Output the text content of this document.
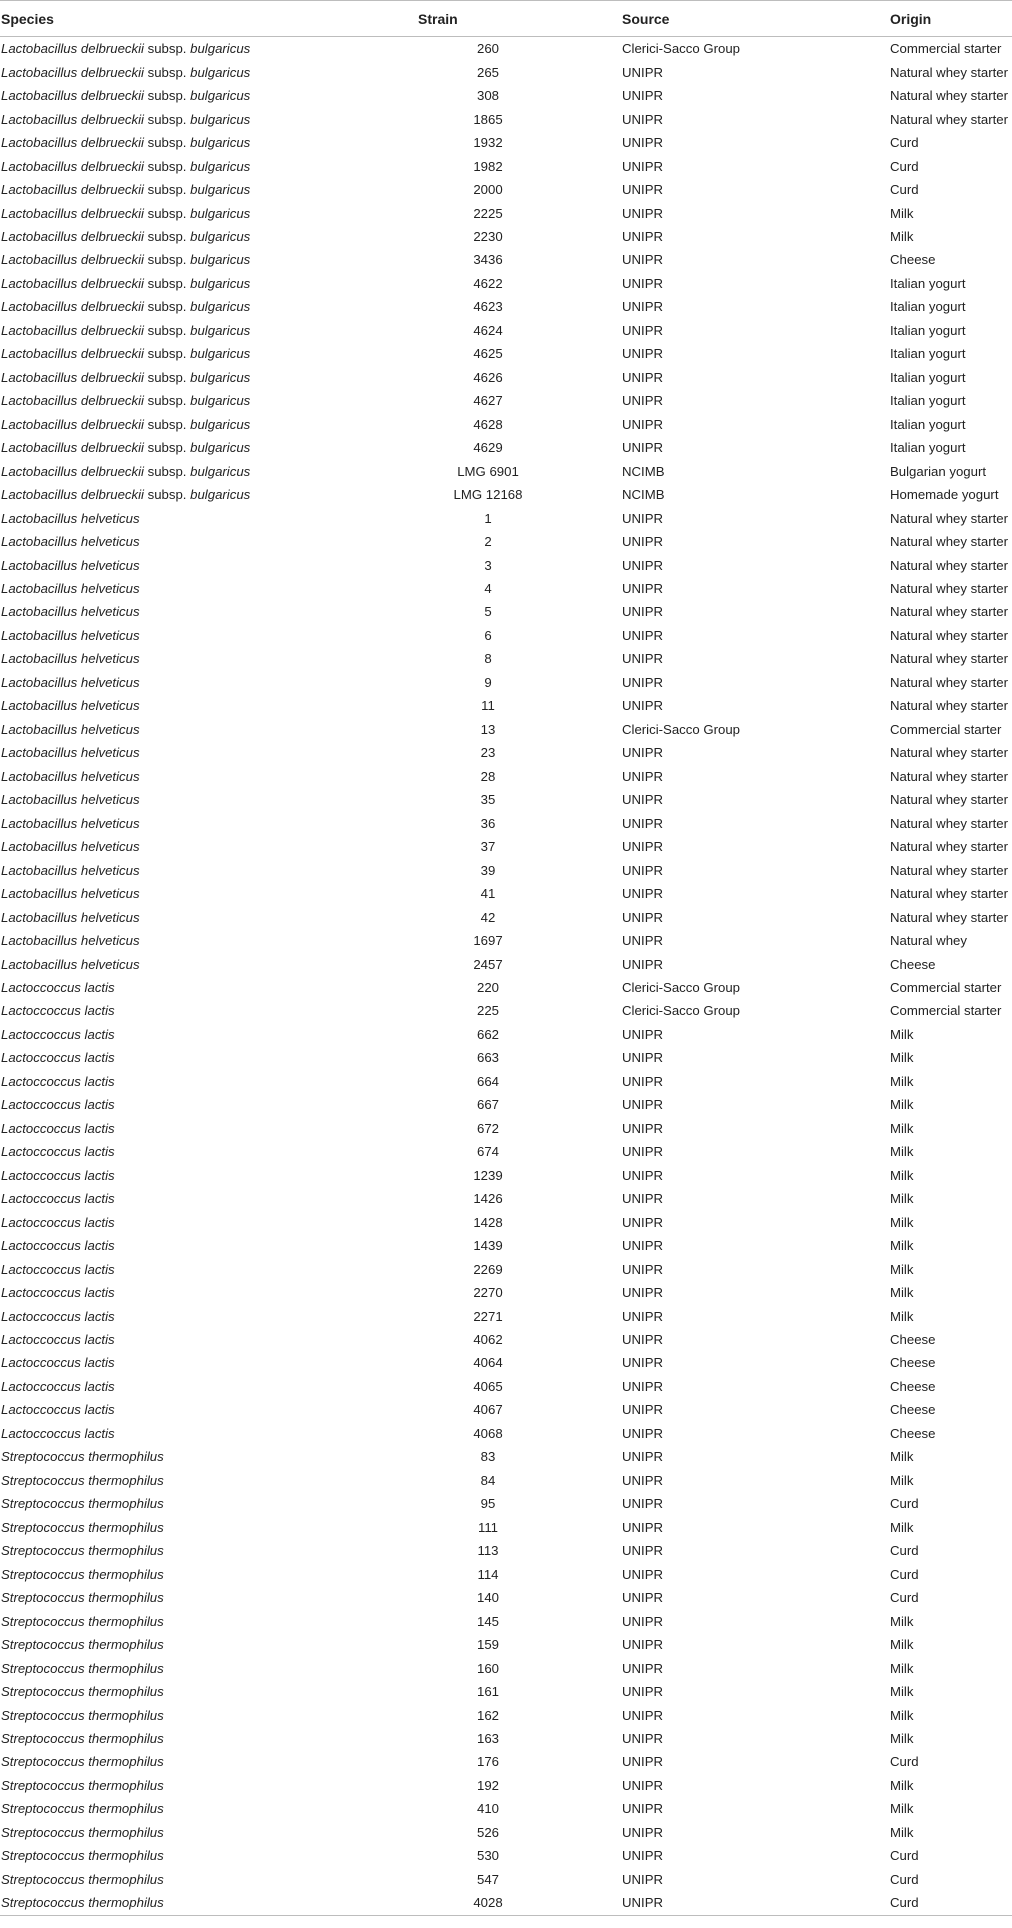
Species	Strain	Source	Origin
Lactobacillus delbrueckii subsp. bulgaricus	260	Clerici-Sacco Group	Commercial starter
Lactobacillus delbrueckii subsp. bulgaricus	265	UNIPR	Natural whey starter
Lactobacillus delbrueckii subsp. bulgaricus	308	UNIPR	Natural whey starter
Lactobacillus delbrueckii subsp. bulgaricus	1865	UNIPR	Natural whey starter
Lactobacillus delbrueckii subsp. bulgaricus	1932	UNIPR	Curd
Lactobacillus delbrueckii subsp. bulgaricus	1982	UNIPR	Curd
Lactobacillus delbrueckii subsp. bulgaricus	2000	UNIPR	Curd
Lactobacillus delbrueckii subsp. bulgaricus	2225	UNIPR	Milk
Lactobacillus delbrueckii subsp. bulgaricus	2230	UNIPR	Milk
Lactobacillus delbrueckii subsp. bulgaricus	3436	UNIPR	Cheese
Lactobacillus delbrueckii subsp. bulgaricus	4622	UNIPR	Italian yogurt
Lactobacillus delbrueckii subsp. bulgaricus	4623	UNIPR	Italian yogurt
Lactobacillus delbrueckii subsp. bulgaricus	4624	UNIPR	Italian yogurt
Lactobacillus delbrueckii subsp. bulgaricus	4625	UNIPR	Italian yogurt
Lactobacillus delbrueckii subsp. bulgaricus	4626	UNIPR	Italian yogurt
Lactobacillus delbrueckii subsp. bulgaricus	4627	UNIPR	Italian yogurt
Lactobacillus delbrueckii subsp. bulgaricus	4628	UNIPR	Italian yogurt
Lactobacillus delbrueckii subsp. bulgaricus	4629	UNIPR	Italian yogurt
Lactobacillus delbrueckii subsp. bulgaricus	LMG 6901	NCIMB	Bulgarian yogurt
Lactobacillus delbrueckii subsp. bulgaricus	LMG 12168	NCIMB	Homemade yogurt
Lactobacillus helveticus	1	UNIPR	Natural whey starter
Lactobacillus helveticus	2	UNIPR	Natural whey starter
Lactobacillus helveticus	3	UNIPR	Natural whey starter
Lactobacillus helveticus	4	UNIPR	Natural whey starter
Lactobacillus helveticus	5	UNIPR	Natural whey starter
Lactobacillus helveticus	6	UNIPR	Natural whey starter
Lactobacillus helveticus	8	UNIPR	Natural whey starter
Lactobacillus helveticus	9	UNIPR	Natural whey starter
Lactobacillus helveticus	11	UNIPR	Natural whey starter
Lactobacillus helveticus	13	Clerici-Sacco Group	Commercial starter
Lactobacillus helveticus	23	UNIPR	Natural whey starter
Lactobacillus helveticus	28	UNIPR	Natural whey starter
Lactobacillus helveticus	35	UNIPR	Natural whey starter
Lactobacillus helveticus	36	UNIPR	Natural whey starter
Lactobacillus helveticus	37	UNIPR	Natural whey starter
Lactobacillus helveticus	39	UNIPR	Natural whey starter
Lactobacillus helveticus	41	UNIPR	Natural whey starter
Lactobacillus helveticus	42	UNIPR	Natural whey starter
Lactobacillus helveticus	1697	UNIPR	Natural whey
Lactobacillus helveticus	2457	UNIPR	Cheese
Lactoccoccus lactis	220	Clerici-Sacco Group	Commercial starter
Lactoccoccus lactis	225	Clerici-Sacco Group	Commercial starter
Lactoccoccus lactis	662	UNIPR	Milk
Lactoccoccus lactis	663	UNIPR	Milk
Lactoccoccus lactis	664	UNIPR	Milk
Lactoccoccus lactis	667	UNIPR	Milk
Lactoccoccus lactis	672	UNIPR	Milk
Lactoccoccus lactis	674	UNIPR	Milk
Lactoccoccus lactis	1239	UNIPR	Milk
Lactoccoccus lactis	1426	UNIPR	Milk
Lactoccoccus lactis	1428	UNIPR	Milk
Lactoccoccus lactis	1439	UNIPR	Milk
Lactoccoccus lactis	2269	UNIPR	Milk
Lactoccoccus lactis	2270	UNIPR	Milk
Lactoccoccus lactis	2271	UNIPR	Milk
Lactoccoccus lactis	4062	UNIPR	Cheese
Lactoccoccus lactis	4064	UNIPR	Cheese
Lactoccoccus lactis	4065	UNIPR	Cheese
Lactoccoccus lactis	4067	UNIPR	Cheese
Lactoccoccus lactis	4068	UNIPR	Cheese
Streptococcus thermophilus	83	UNIPR	Milk
Streptococcus thermophilus	84	UNIPR	Milk
Streptococcus thermophilus	95	UNIPR	Curd
Streptococcus thermophilus	111	UNIPR	Milk
Streptococcus thermophilus	113	UNIPR	Curd
Streptococcus thermophilus	114	UNIPR	Curd
Streptococcus thermophilus	140	UNIPR	Curd
Streptococcus thermophilus	145	UNIPR	Milk
Streptococcus thermophilus	159	UNIPR	Milk
Streptococcus thermophilus	160	UNIPR	Milk
Streptococcus thermophilus	161	UNIPR	Milk
Streptococcus thermophilus	162	UNIPR	Milk
Streptococcus thermophilus	163	UNIPR	Milk
Streptococcus thermophilus	176	UNIPR	Curd
Streptococcus thermophilus	192	UNIPR	Milk
Streptococcus thermophilus	410	UNIPR	Milk
Streptococcus thermophilus	526	UNIPR	Milk
Streptococcus thermophilus	530	UNIPR	Curd
Streptococcus thermophilus	547	UNIPR	Curd
Streptococcus thermophilus	4028	UNIPR	Curd
